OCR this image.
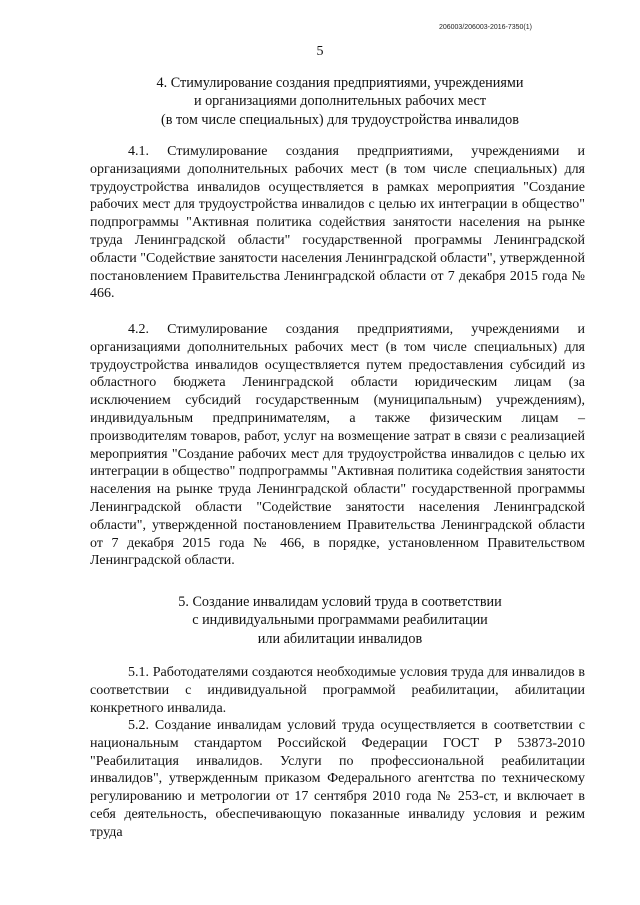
206003/206003-2016-7350(1)
5
4. Стимулирование создания предприятиями, учреждениями
и организациями дополнительных рабочих мест
(в том числе специальных) для трудоустройства инвалидов

4.1. Стимулирование создания предприятиями, учреждениями и организациями дополнительных рабочих мест (в том числе специальных) для трудоустройства инвалидов осуществляется в рамках мероприятия "Создание рабочих мест для трудоустройства инвалидов с целью их интеграции в общество" подпрограммы "Активная политика содействия занятости населения на рынке труда Ленинградской области" государственной программы Ленинградской области "Содействие занятости населения Ленинградской области", утвержденной постановлением Правительства Ленинградской области от 7 декабря 2015 года № 466.

4.2. Стимулирование создания предприятиями, учреждениями и организациями дополнительных рабочих мест (в том числе специальных) для трудоустройства инвалидов осуществляется путем предоставления субсидий из областного бюджета Ленинградской области юридическим лицам (за исключением субсидий государственным (муниципальным) учреждениям), индивидуальным предпринимателям, а также физическим лицам – производителям товаров, работ, услуг на возмещение затрат в связи с реализацией мероприятия "Создание рабочих мест для трудоустройства инвалидов с целью их интеграции в общество" подпрограммы "Активная политика содействия занятости населения на рынке труда Ленинградской области" государственной программы Ленинградской области "Содействие занятости населения Ленинградской области", утвержденной постановлением Правительства Ленинградской области от 7 декабря 2015 года № 466, в порядке, установленном Правительством Ленинградской области.

5. Создание инвалидам условий труда в соответствии
с индивидуальными программами реабилитации
или абилитации инвалидов

5.1. Работодателями создаются необходимые условия труда для инвалидов в соответствии с индивидуальной программой реабилитации, абилитации конкретного инвалида.

5.2. Создание инвалидам условий труда осуществляется в соответствии с национальным стандартом Российской Федерации ГОСТ Р 53873-2010 "Реабилитация инвалидов. Услуги по профессиональной реабилитации инвалидов", утвержденным приказом Федерального агентства по техническому регулированию и метрологии от 17 сентября 2010 года № 253-ст, и включает в себя деятельность, обеспечивающую показанные инвалиду условия и режим труда
